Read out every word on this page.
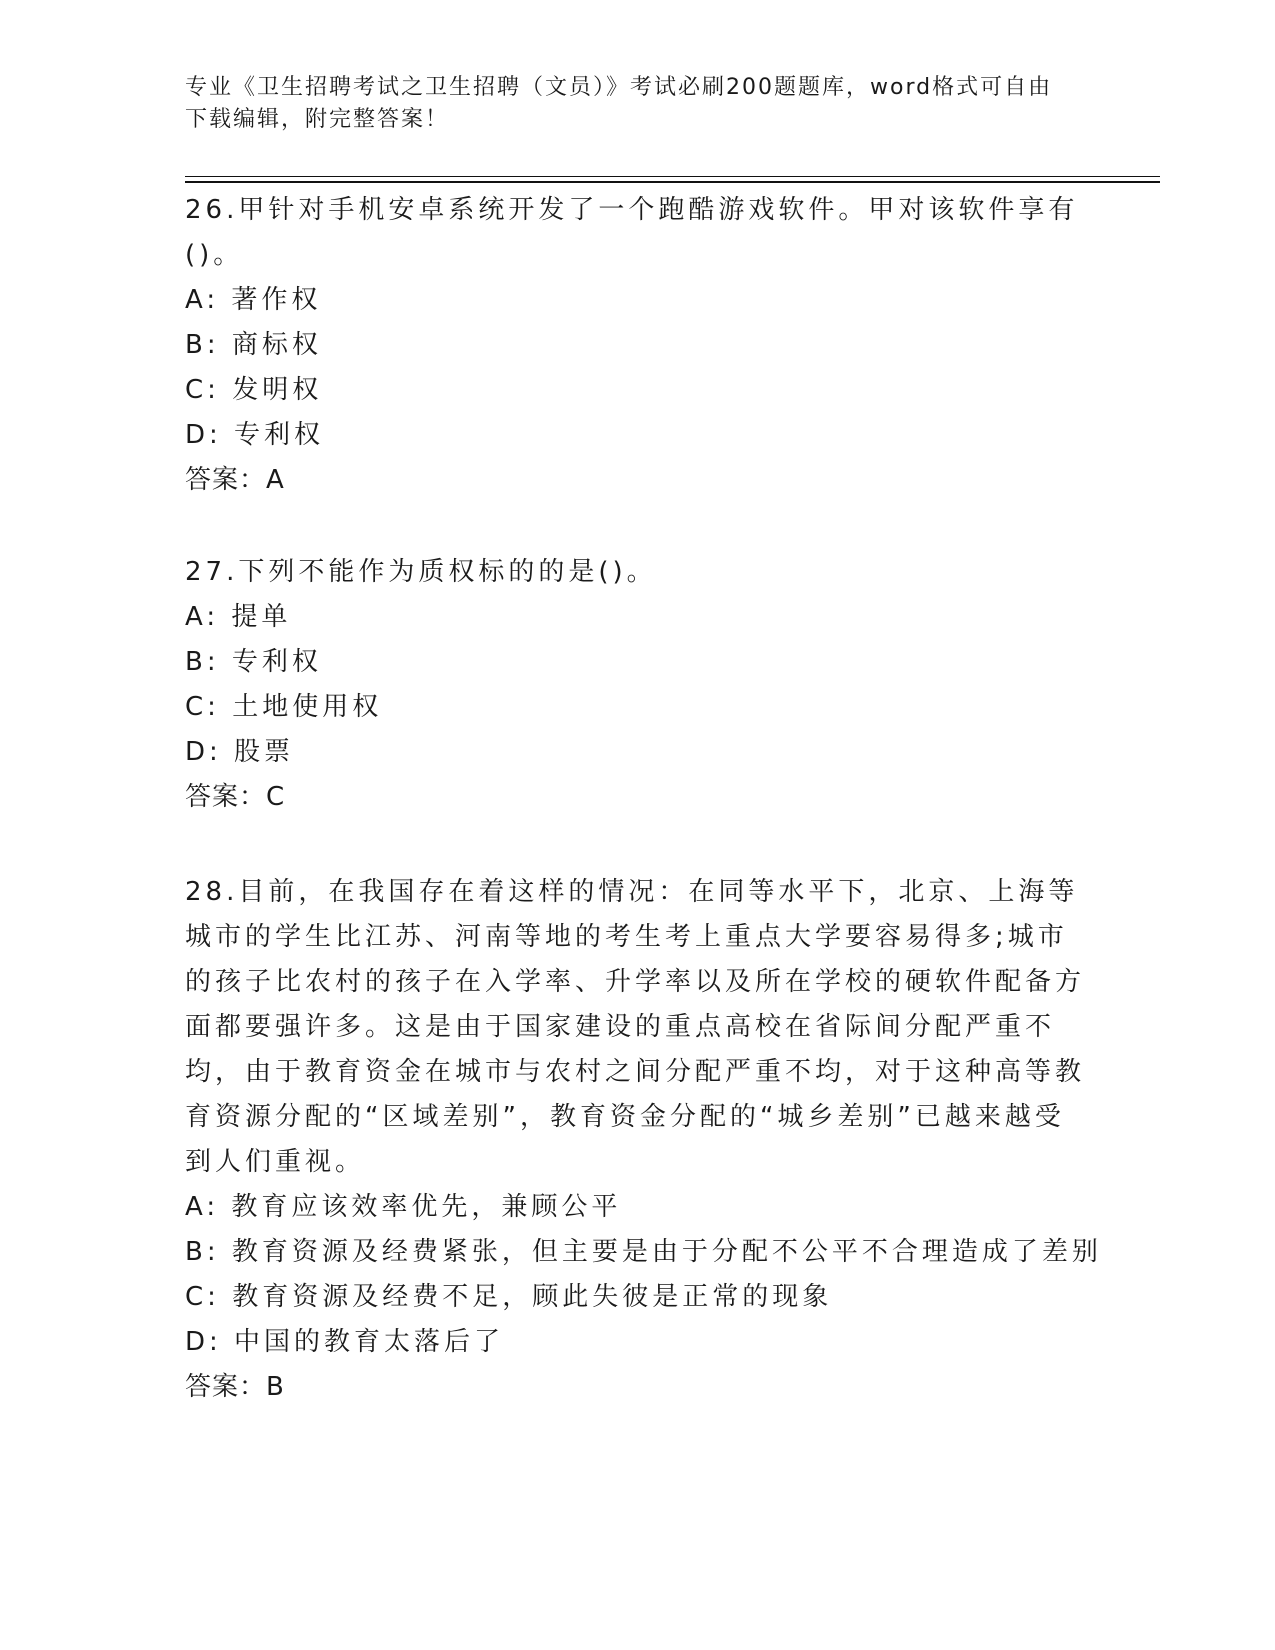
专业《卫生招聘考试之卫生招聘（文员）》考试必刷200题题库，word格式可自由下载编辑，附完整答案！
26.甲针对手机安卓系统开发了一个跑酷游戏软件。甲对该软件享有()。
A: 著作权
B: 商标权
C: 发明权
D: 专利权
答案：A
27.下列不能作为质权标的的是()。
A: 提单
B: 专利权
C: 土地使用权
D: 股票
答案：C
28.目前，在我国存在着这样的情况：在同等水平下，北京、上海等城市的学生比江苏、河南等地的考生考上重点大学要容易得多;城市的孩子比农村的孩子在入学率、升学率以及所在学校的硬软件配备方面都要强许多。这是由于国家建设的重点高校在省际间分配严重不均，由于教育资金在城市与农村之间分配严重不均，对于这种高等教育资源分配的“区域差别”，教育资金分配的“城乡差别”已越来越受到人们重视。
A: 教育应该效率优先，兼顾公平
B: 教育资源及经费紧张，但主要是由于分配不公平不合理造成了差别
C: 教育资源及经费不足，顾此失彼是正常的现象
D: 中国的教育太落后了
答案：B
